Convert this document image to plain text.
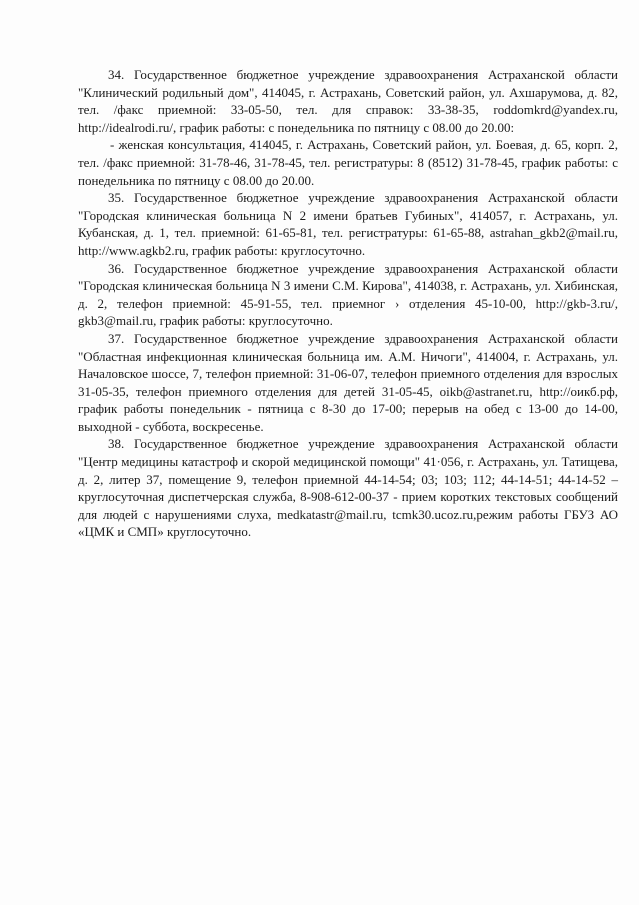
34. Государственное бюджетное учреждение здравоохранения Астраханской области "Клинический родильный дом", 414045, г. Астрахань, Советский район, ул. Ахшарумова, д. 82, тел. /факс приемной: 33-05-50, тел. для справок: 33-38-35, roddomkrd@yandex.ru, http://idealrodi.ru/, график работы: с понедельника по пятницу с 08.00 до 20.00:

- женская консультация, 414045, г. Астрахань, Советский район, ул. Боевая, д. 65, корп. 2, тел. /факс приемной: 31-78-46, 31-78-45, тел. регистратуры: 8 (8512) 31-78-45, график работы: с понедельника по пятницу с 08.00 до 20.00.

35. Государственное бюджетное учреждение здравоохранения Астраханской области "Городская клиническая больница N 2 имени братьев Губиных", 414057, г. Астрахань, ул. Кубанская, д. 1, тел. приемной: 61-65-81, тел. регистратуры: 61-65-88, astrahan_gkb2@mail.ru, http://www.agkb2.ru, график работы: круглосуточно.

36. Государственное бюджетное учреждение здравоохранения Астраханской области "Городская клиническая больница N 3 имени С.М. Кирова", 414038, г. Астрахань, ул. Хибинская, д. 2, телефон приемной: 45-91-55, тел. приемног › отделения 45-10-00, http://gkb-3.ru/, gkb3@mail.ru, график работы: круглосуточно.

37. Государственное бюджетное учреждение здравоохранения Астраханской области "Областная инфекционная клиническая больница им. А.М. Ничоги", 414004, г. Астрахань, ул. Началовское шоссе, 7, телефон приемной: 31-06-07, телефон приемного отделения для взрослых 31-05-35, телефон приемного отделения для детей 31-05-45, oikb@astranet.ru, http://оикб.рф, график работы понедельник - пятница с 8-30 до 17-00; перерыв на обед с 13-00 до 14-00, выходной - суббота, воскресенье.

38. Государственное бюджетное учреждение здравоохранения Астраханской области "Центр медицины катастроф и скорой медицинской помощи" 41·056, г. Астрахань, ул. Татищева, д. 2, литер 37, помещение 9, телефон приемной 44-14-54; 03; 103; 112; 44-14-51; 44-14-52 – круглосуточная диспетчерская служба, 8-908-612-00-37 - прием коротких текстовых сообщений для людей с нарушениями слуха, medkatastr@mail.ru, tcmk30.ucoz.ru,режим работы ГБУЗ АО «ЦМК и СМП» круглосуточно.
